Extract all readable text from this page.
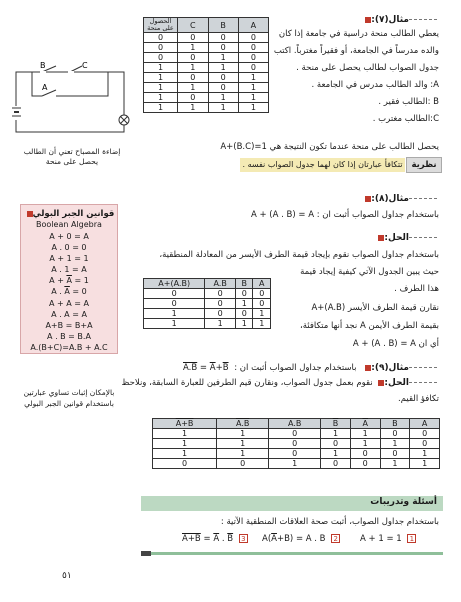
مثال(٧):
يعطي الطالب منحة دراسية في جامعة إذا كان
والده مدرساً في الجامعة، أو فقيراً مغترباً. اكتب
جدول الصواب لطالب يحصل على منحة .
A: والد الطالب مدرس في الجامعة .
B :الطالب فقير .
C:الطالب مغترب .
الحصول على منحة	C	B	A
0	0	0	0
0	1	0	0
0	0	1	0
1	1	1	0
1	0	0	1
1	1	0	1
1	0	1	1
1	1	1	1
B	C
A
إضاءة المصباح تعني أن الطالب يحصل على منحة
يحصل الطالب على منحة عندما تكون النتيجة هي 1=A+(B.C)
تتكافأ عبارتان إذا كان لهما جدول الصواب نفسه .	نظرية
قوانين الجبر البولي
Boolean Algebra
A + 0 = A
A . 0 = 0
A + 1 = 1
A . 1 = A
$A + \overline{A} = 1$
A . $\overline{A} = 0$
A + A = A
A . A = A
A+B = B+A
A . B = B.A
A.(B+C)=A.B + A.C
بالإمكان إثبات تساوي عبارتين باستخدام قوانين الجبر البولي
مثال(٨):
باستخدام جداول الصواب أثبت ان : A + (A . B) = A
الحل:
باستخدام جداول الصواب نقوم بإيجاد قيمة الطرف الأيسر من المعادلة المنطقية،
حيث يبين الجدول الآتي كيفية إيجاد قيمة
هذا الطرف .
نقارن قيمة الطرف الأيسر (A+(A.B
بقيمة الطرف الأيمن A نجد أنها متكافئة،
أي ان A + (A . B) = A
A+(A.B)	A.B	B	A
0	0	0	0
0	0	1	0
1	0	0	1
1	1	1	1
مثال(٩): باستخدام جداول الصواب أثبت ان : $A.B = \overline{A}+\overline{B}$
الحل: نقوم بعمل جدول الصواب، ونقارن قيم الطرفين للعبارة السابقة، ونلاحظ
تكافؤ القيم.
A+B	A.B	A.B	$\overline{B}$	$\overline{A}$	B	A
1	1	0	1	1	0	0
1	1	0	0	1	1	0
1	1	0	1	0	0	1
0	0	1	0	0	1	1
أسئلة وتدريبات
باستخدام جداول الصواب، أثبت صحة العلاقات المنطقية الآتية :
A + 1 = 1 1
$A(\overline{A}+B) = A$ . B 2
$A+B = \overline{A}$ . $\overline{B}$ 3
٥١
